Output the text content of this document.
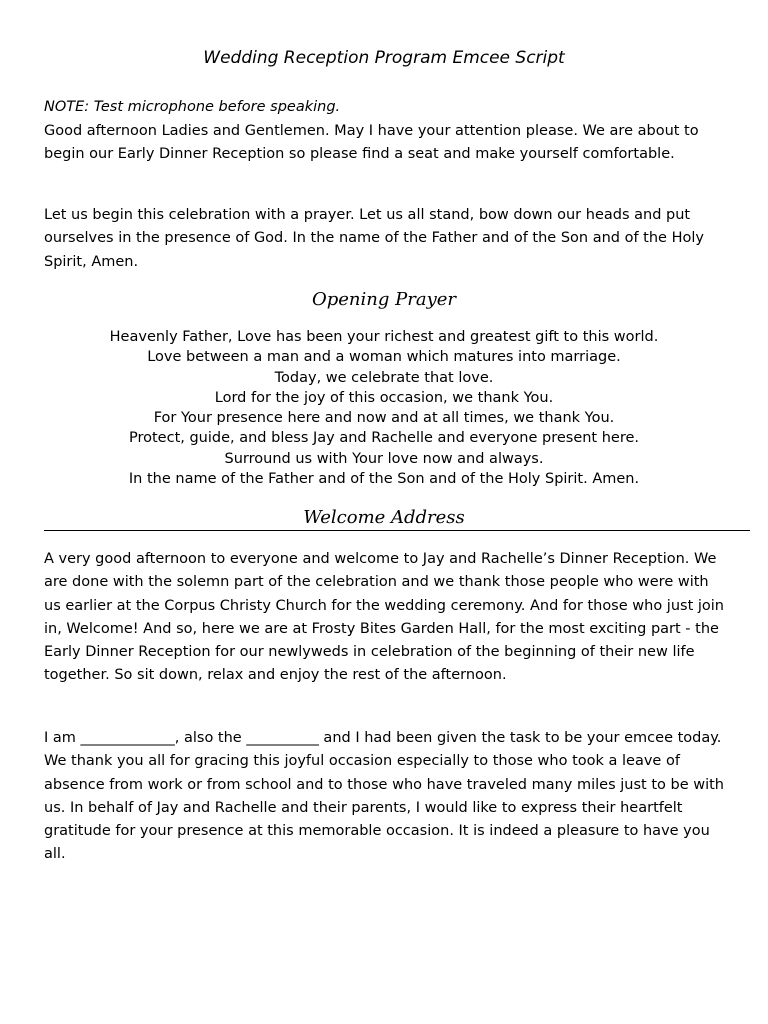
Wedding Reception Program Emcee Script

NOTE: Test microphone before speaking.

Good afternoon Ladies and Gentlemen. May I have your attention please. We are about to begin our Early Dinner Reception so please find a seat and make yourself comfortable.

Let us begin this celebration with a prayer. Let us all stand, bow down our heads and put ourselves in the presence of God. In the name of the Father and of the Son and of the Holy Spirit, Amen.

Opening Prayer
Heavenly Father, Love has been your richest and greatest gift to this world.
Love between a man and a woman which matures into marriage.
Today, we celebrate that love.
Lord for the joy of this occasion, we thank You.
For Your presence here and now and at all times, we thank You.
Protect, guide, and bless Jay and Rachelle and everyone present here.
Surround us with Your love now and always.
In the name of the Father and of the Son and of the Holy Spirit. Amen.
Welcome Address

A very good afternoon to everyone and welcome to Jay and Rachelle’s Dinner Reception. We are done with the solemn part of the celebration and we thank those people who were with us earlier at the Corpus Christy Church for the wedding ceremony. And for those who just join in, Welcome! And so, here we are at Frosty Bites Garden Hall, for the most exciting part - the Early Dinner Reception for our newlyweds in celebration of the beginning of their new life together. So sit down, relax and enjoy the rest of the afternoon.

I am _____________, also the __________ and I had been given the task to be your emcee today. We thank you all for gracing this joyful occasion especially to those who took a leave of absence from work or from school and to those who have traveled many miles just to be with us. In behalf of Jay and Rachelle and their parents, I would like to express their heartfelt gratitude for your presence at this memorable occasion. It is indeed a pleasure to have you all.
